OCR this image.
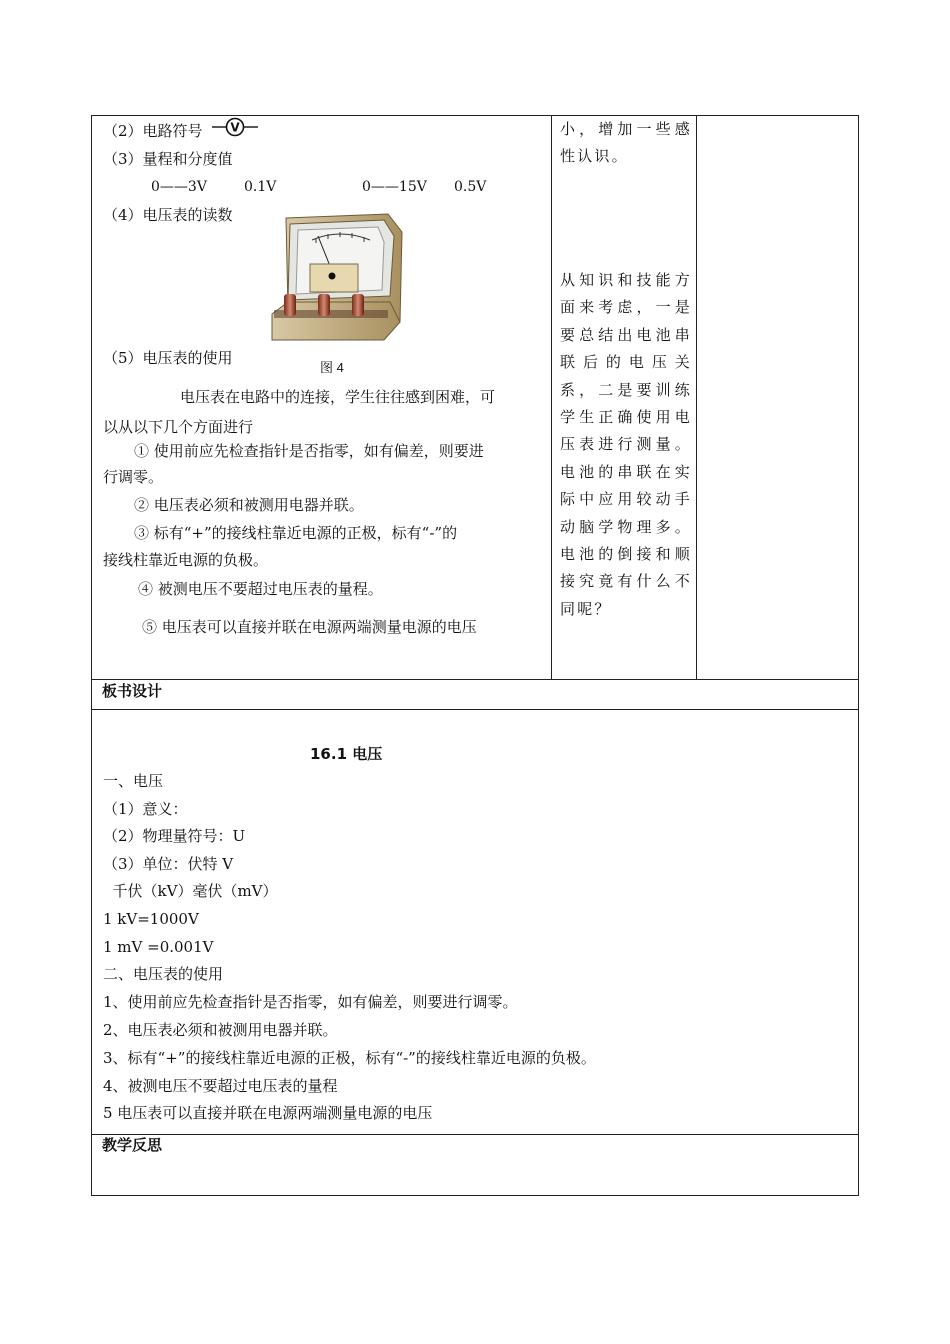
（2）电路符号 V
（3）量程和分度值
0——3V	0.1V	0——15V 0.5V
（4）电压表的读数
（5）电压表的使用
图 4
电压表在电路中的连接，学生往往感到困难，可
以从以下几个方面进行
① 使用前应先检查指针是否指零，如有偏差，则要进
行调零。
② 电压表必须和被测用电器并联。
③ 标有“+”的接线柱靠近电源的正极，标有“-”的
接线柱靠近电源的负极。
④ 被测电压不要超过电压表的量程。
⑤ 电压表可以直接并联在电源两端测量电源的电压

小，增加一些感

性认识。

从知识和技能方

面来考虑，一是

要总结出电池串

联后的电压关

系，二是要训练

学生正确使用电

压表进行测量。

电池的串联在实

际中应用较动手

动脑学物理多。

电池的倒接和顺

接究竟有什么不

同呢？

板书设计
16.1 电压
一、电压
（1）意义：
（2）物理量符号：U
（3）单位：伏特 V
千伏（kV）毫伏（mV）
1 kV=1000V
1 mV =0.001V
二、电压表的使用
1、使用前应先检查指针是否指零，如有偏差，则要进行调零。
2、电压表必须和被测用电器并联。
3、标有“+”的接线柱靠近电源的正极，标有“-”的接线柱靠近电源的负极。
4、被测电压不要超过电压表的量程
5 电压表可以直接并联在电源两端测量电源的电压
教学反思
